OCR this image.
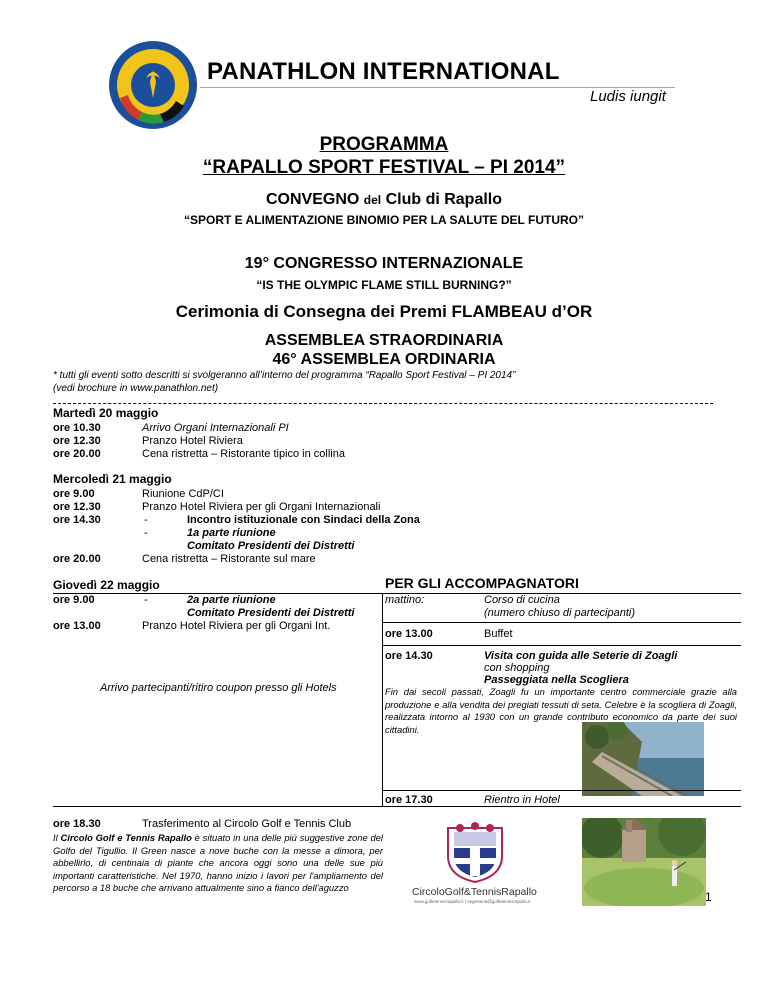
PANATHLON INTERNATIONAL
Ludis iungit
PROGRAMMA
“RAPALLO SPORT FESTIVAL – PI 2014”
CONVEGNO del Club di Rapallo
“SPORT E ALIMENTAZIONE BINOMIO PER LA SALUTE DEL FUTURO”
19° CONGRESSO INTERNAZIONALE
“IS THE OLYMPIC FLAME STILL BURNING?”
Cerimonia di Consegna dei Premi FLAMBEAU d’OR
ASSEMBLEA STRAORDINARIA
46° ASSEMBLEA ORDINARIA
* tutti gli eventi sotto descritti si svolgeranno all’interno del programma “Rapallo Sport Festival – PI 2014”
(vedi brochure in www.panathlon.net)
Martedì 20 maggio
ore 10.30	Arrivo Organi Internazionali PI
ore 12.30	Pranzo Hotel Riviera
ore 20.00	Cena ristretta – Ristorante tipico in collina
Mercoledì 21 maggio
ore 9.00	Riunione CdP/CI
ore 12.30	Pranzo Hotel Riviera per gli Organi Internazionali
ore 14.30	-	Incontro istituzionale con Sindaci della Zona
-	1a parte riunione
Comitato Presidenti dei Distretti
ore 20.00	Cena ristretta – Ristorante sul mare
Giovedì 22 maggio	PER GLI ACCOMPAGNATORI
ore 9.00	-	2a parte riunione
Comitato Presidenti dei Distretti
ore 13.00	Pranzo Hotel Riviera per gli Organi Int.
Arrivo partecipanti/ritiro coupon presso gli Hotels
mattino:	Corso di cucina
(numero chiuso di partecipanti)
ore 13.00	Buffet
ore 14.30	Visita con guida alle Seterie di Zoagli
con shopping
Passeggiata nella Scogliera
Fin dai secoli passati, Zoagli fu un importante centro commerciale grazie alla produzione e alla vendita dei pregiati tessuti di seta. Celebre è la scogliera di Zoagli, realizzata intorno al 1930 con un grande contributo economico da parte dei suoi cittadini.
ore 17.30	Rientro in Hotel
ore 18.30	Trasferimento al Circolo Golf e Tennis Club
Il Circolo Golf e Tennis Rapallo è situato in una delle più suggestive zone del Golfo del Tigullio. Il Green nasce a nove buche con la messe a dimora, per abbellirlo, di centinaia di piante che ancora oggi sono una delle sue più importanti caratteristiche. Nel 1970, hanno inizio i lavori per l'ampliamento del percorso a 18 buche che arrivano attualmente sino a fianco dell'aguzzo	CircoloGolf&TennisRapallo
www.golfetennisrapallo.it | segreteria@golfetennisrapallo.it	1
